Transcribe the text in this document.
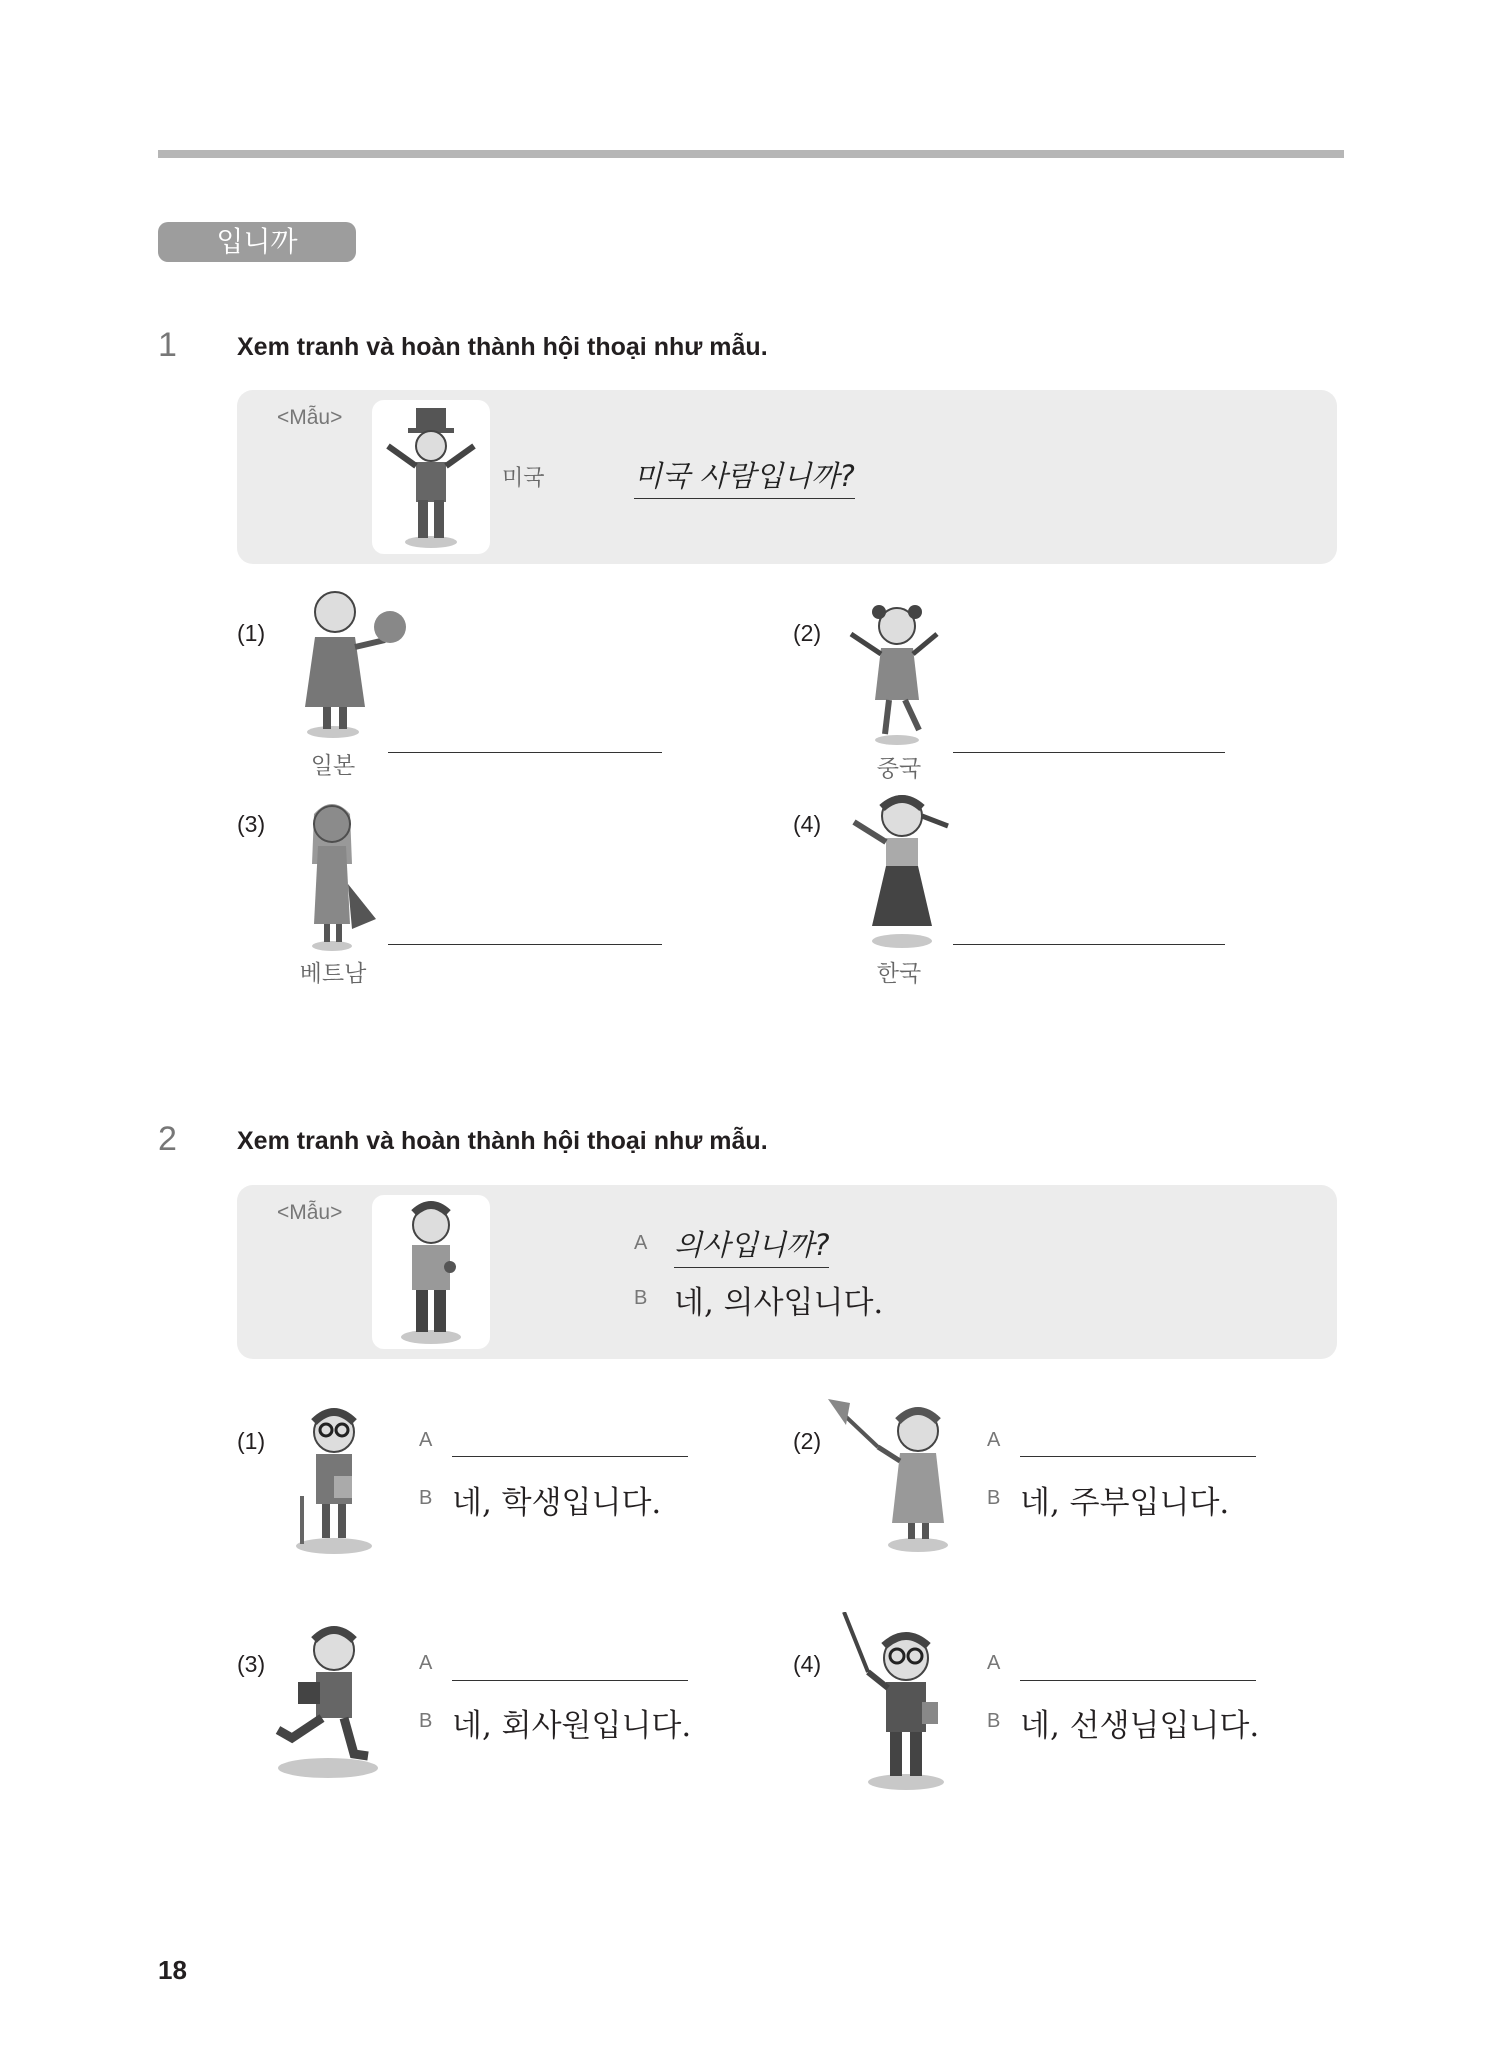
입니까
1 Xem tranh và hoàn thành hội thoại như mẫu.
<Mẫu>
미국	미국 사람입니까?
(1)
일본
(2)
중국
(3)
베트남
(4)
한국
2 Xem tranh và hoàn thành hội thoại như mẫu.
<Mẫu>
A 의사입니까?
B 네, 의사입니다.
(1)	A
B 네, 학생입니다.
(2)	A
B 네, 주부입니다.
(3)	A
B 네, 회사원입니다.
(4)	A
B 네, 선생님입니다.
18
